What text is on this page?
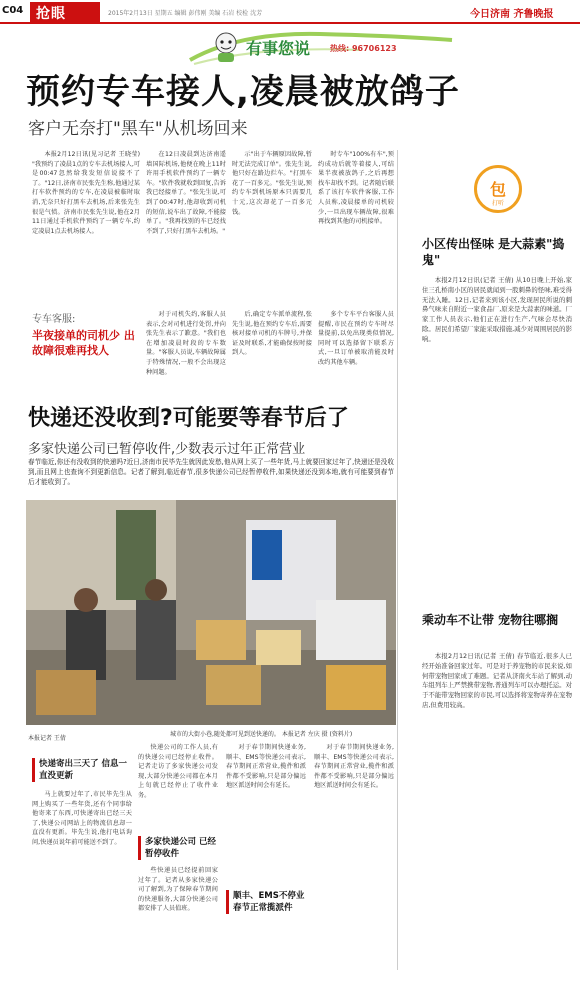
C04 抢眼	2015年2月13日 星期五 编辑 彭伟刚 美编 石岩 校检 沈芳	今日济南 齐鲁晚报
有事您说 热线: 96706123
预约专车接人,凌晨被放鸽子
客户无奈打"黑车"从机场回来

本报2月12日讯(见习记者 王晓莹) "我预约了凌晨1点的专车去机场接人,可是00:47忽然给我发短信说接不了了。"12日,济南市民张先生称,他通过某打车软件预约的专车,在凌晨被临时取消,无奈只好打黑车去机场,后来张先生很是气愤。济南市民张先生说,他在2月11日通过手机软件预约了一辆专车,约定凌晨1点去机场接人。

在12日凌晨到达济南遥墙国际机场,他便在晚上11时许用手机软件预约了一辆专车。"软件我就收到回复,告诉我已经接单了。"张先生说,可到了00:47时,他却收到司机的短信,说车出了故障,不能接单了。"我再找别的车已经找不到了,只好打黑车去机场。"

示"出于车辆原因故障,暂时无法完成订单"。张先生说,他只好在路边拦车。"打黑车花了一百多元。"张先生说,预约专车到机场原本只需要几十元,这次却花了一百多元钱。

时专车"100%有车",预约成功后就等着接人,可结果半夜被放鸽子,之后再想找车却找不到。记者随后联系了该打车软件客服,工作人员称,凌晨接单的司机较少,一旦出现车辆故障,很难再找到其他的司机接单。

专车客服:
半夜接单的司机少 出故障很难再找人

对于司机失约,客服人员表示,会对司机进行处罚,并向张先生表示了歉意。"我们也在增加凌晨时段的专车数量。"客服人员说,车辆故障属于特殊情况,一般不会出现这种问题。

后,确定专车派单流程,张先生说,他在预约专车后,需要核对接单司机的车牌号,并保证及时联系,才能确保按时接到人。

多个专车平台客服人员提醒,市民在预约专车时尽量提前,以免出现类似情况,同时可以选择留下联系方式,一旦订单被取消能及时改约其他车辆。

包
打听
小区传出怪味 是大蒜素"捣鬼"

本报2月12日讯(记者 王倩) 从10日晚上开始,家住三孔桥南小区的居民就闻到一股刺鼻的怪味,难受得无法入睡。12日,记者来到该小区,发现居民所说的刺鼻气味来自附近一家食品厂,原来是大蒜素的味道。厂家工作人员表示,他们正在进行生产,气味会尽快消除。居民们希望厂家能采取措施,减少对周围居民的影响。

乘动车不让带 宠物往哪搁

本报2月12日讯(记者 王倩) 春节临近,很多人已经开始准备回家过年。可是对于养宠物的市民来说,如何带宠物回家成了难题。记者从济南火车站了解到,动车组列车上严禁携带宠物,普通列车可以办理托运。对于不能带宠物回家的市民,可以选择将宠物寄养在宠物店,但费用较高。

快递还没收到?可能要等春节后了
多家快递公司已暂停收件,少数表示过年正常营业
春节临近,你还有没收到的快递吗?近日,济南市民毕先生就因此发愁,他从网上买了一些年货,马上就要回家过年了,快递还是没收到,而且网上也查询不到更新信息。记者了解到,临近春节,很多快递公司已经暂停收件,如果快递还没到本地,就有可能要到春节后才能收到了。
城市的大街小巷,随处都可见到送快递的。 本报记者 左庆 摄 (资料片)
本报记者 王倩
快递寄出三天了 信息一直没更新

马上就要过年了,市民毕先生从网上购买了一些年货,还有个同事给他寄来了东西,可快递寄出已经三天了,快递公司网站上的物流信息却一直没有更新。毕先生说,他打电话询问,快递员说年前可能送不到了。

快递公司的工作人员,有的快递公司已经停止收件。记者走访了多家快递公司发现,大部分快递公司都在本月上旬就已经停止了收件业务。

多家快递公司 已经暂停收件

些快递员已经提前回家过年了。记者从多家快递公司了解到,为了保障春节期间的快递服务,大部分快递公司都安排了人员值班。

对于春节期间快递业务,顺丰、EMS等快递公司表示,春节期间正常营业,揽件和派件都不受影响,只是部分偏远地区派送时间会有延长。

顺丰、EMS不停业 春节正常揽派件

对于春节期间快递业务,顺丰、EMS等快递公司表示,春节期间正常营业,揽件和派件都不受影响,只是部分偏远地区派送时间会有延长。
